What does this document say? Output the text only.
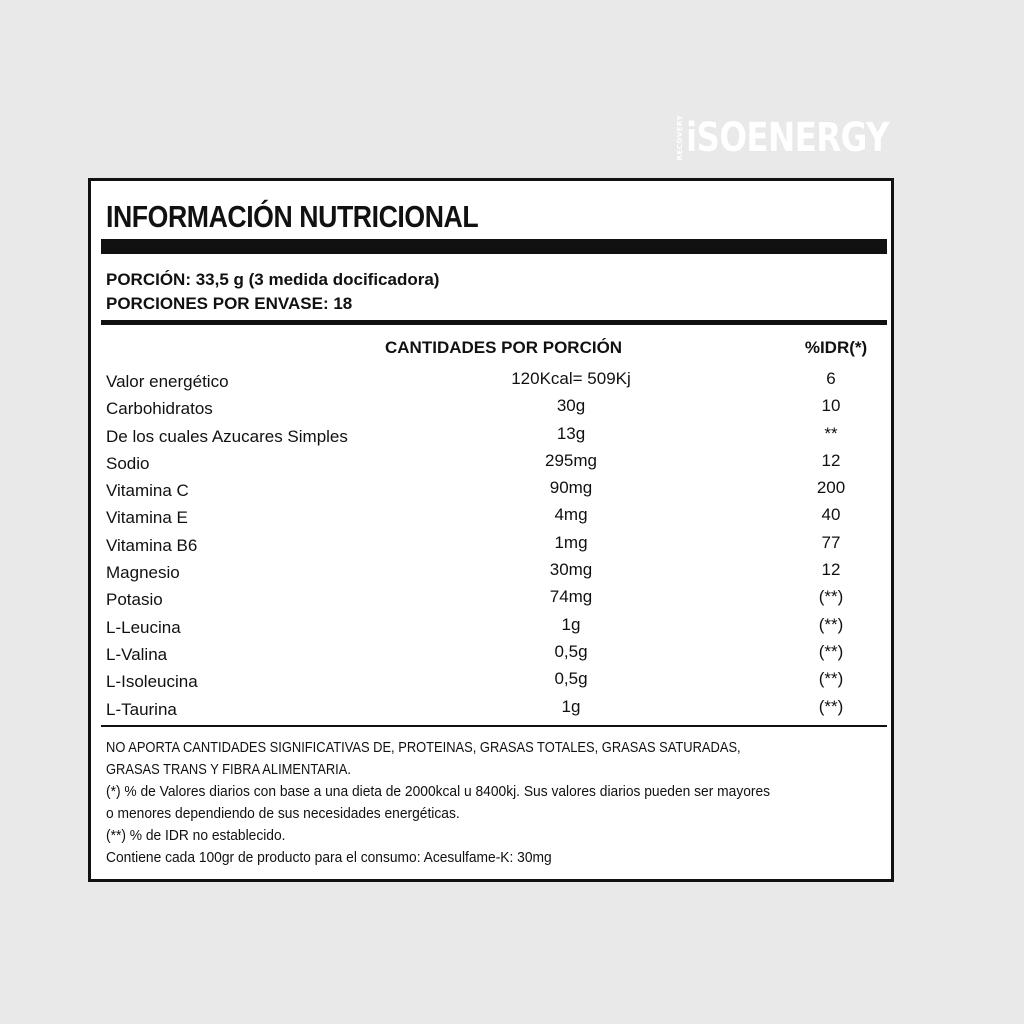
RECOVERY iSOENERGY
INFORMACIÓN NUTRICIONAL
PORCIÓN: 33,5 g (3 medida docificadora)
PORCIONES POR ENVASE: 18
CANTIDADES POR PORCIÓN	%IDR(*)
Valor energético	120Kcal= 509Kj	6
Carbohidratos	30g	10
De los cuales Azucares Simples	13g	**
Sodio	295mg	12
Vitamina C	90mg	200
Vitamina E	4mg	40
Vitamina B6	1mg	77
Magnesio	30mg	12
Potasio	74mg	(**)
L-Leucina	1g	(**)
L-Valina	0,5g	(**)
L-Isoleucina	0,5g	(**)
L-Taurina	1g	(**)
NO APORTA CANTIDADES SIGNIFICATIVAS DE, PROTEINAS, GRASAS TOTALES, GRASAS SATURADAS,
GRASAS TRANS Y FIBRA ALIMENTARIA.
(*) % de Valores diarios con base a una dieta de 2000kcal u 8400kj. Sus valores diarios pueden ser mayores
o menores dependiendo de sus necesidades energéticas.
(**) % de IDR no establecido.
Contiene cada 100gr de producto para el consumo: Acesulfame-K: 30mg
